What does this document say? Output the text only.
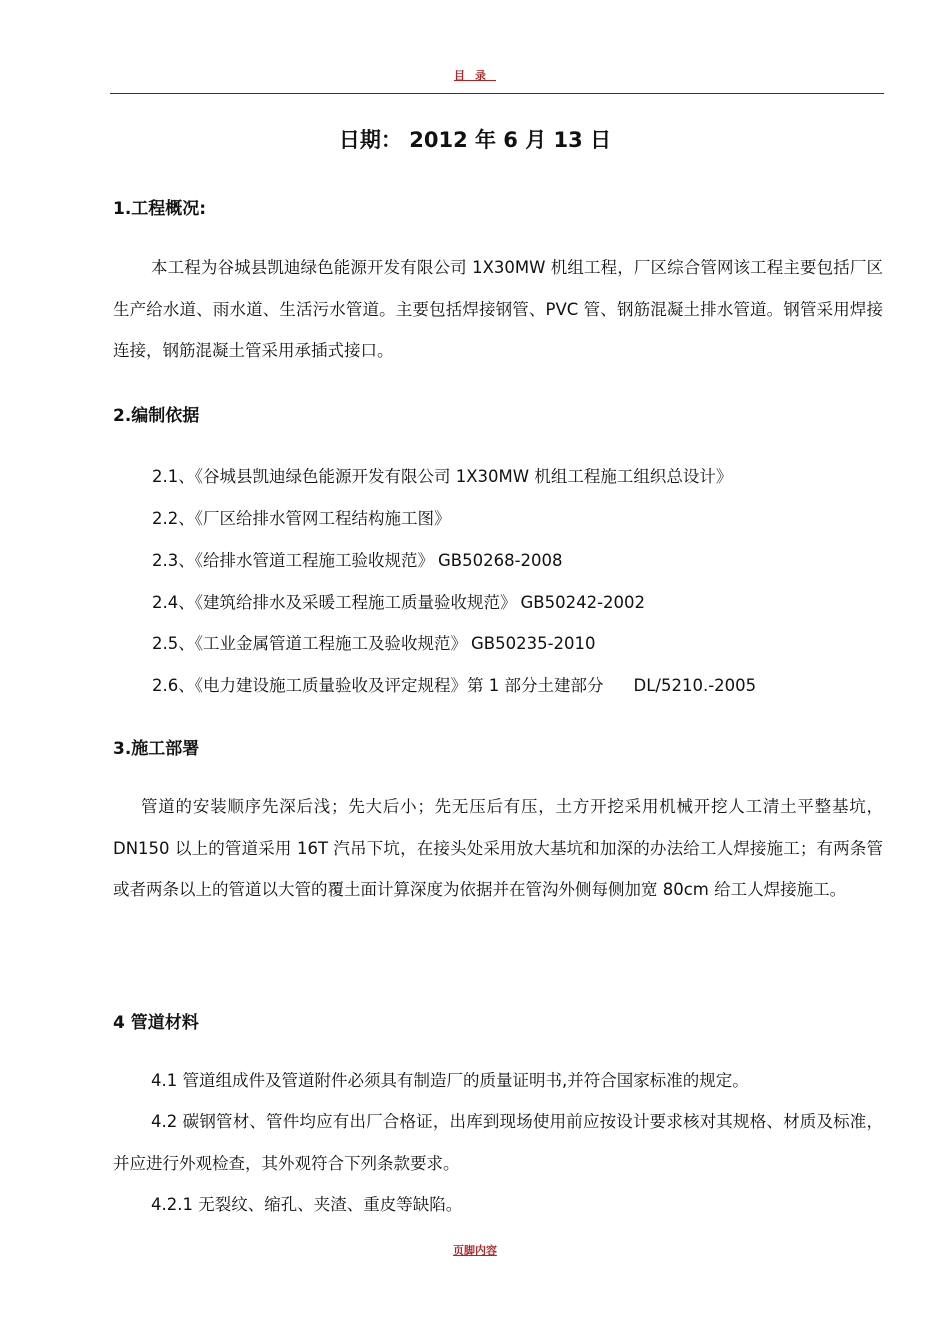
目录
日期： 2012 年 6 月 13 日
1.工程概况:

本工程为谷城县凯迪绿色能源开发有限公司 1X30MW 机组工程，厂区综合管网该工程主要包括厂区生产给水道、雨水道、生活污水管道。主要包括焊接钢管、PVC 管、钢筋混凝土排水管道。钢管采用焊接连接，钢筋混凝土管采用承插式接口。

2.编制依据
2.1、《谷城县凯迪绿色能源开发有限公司 1X30MW 机组工程施工组织总设计》
2.2、《厂区给排水管网工程结构施工图》
2.3、《给排水管道工程施工验收规范》 GB50268-2008
2.4、《建筑给排水及采暖工程施工质量验收规范》 GB50242-2002
2.5、《工业金属管道工程施工及验收规范》 GB50235-2010
2.6、《电力建设施工质量验收及评定规程》第 1 部分土建部分 DL/5210.-2005
3.施工部署

管道的安装顺序先深后浅；先大后小；先无压后有压，土方开挖采用机械开挖人工清土平整基坑，DN150 以上的管道采用 16T 汽吊下坑，在接头处采用放大基坑和加深的办法给工人焊接施工；有两条管或者两条以上的管道以大管的覆土面计算深度为依据并在管沟外侧每侧加宽 80cm 给工人焊接施工。

4 管道材料

4.1 管道组成件及管道附件必须具有制造厂的质量证明书,并符合国家标准的规定。

4.2 碳钢管材、管件均应有出厂合格证，出库到现场使用前应按设计要求核对其规格、材质及标准，并应进行外观检查，其外观符合下列条款要求。

4.2.1 无裂纹、缩孔、夹渣、重皮等缺陷。

页脚内容
